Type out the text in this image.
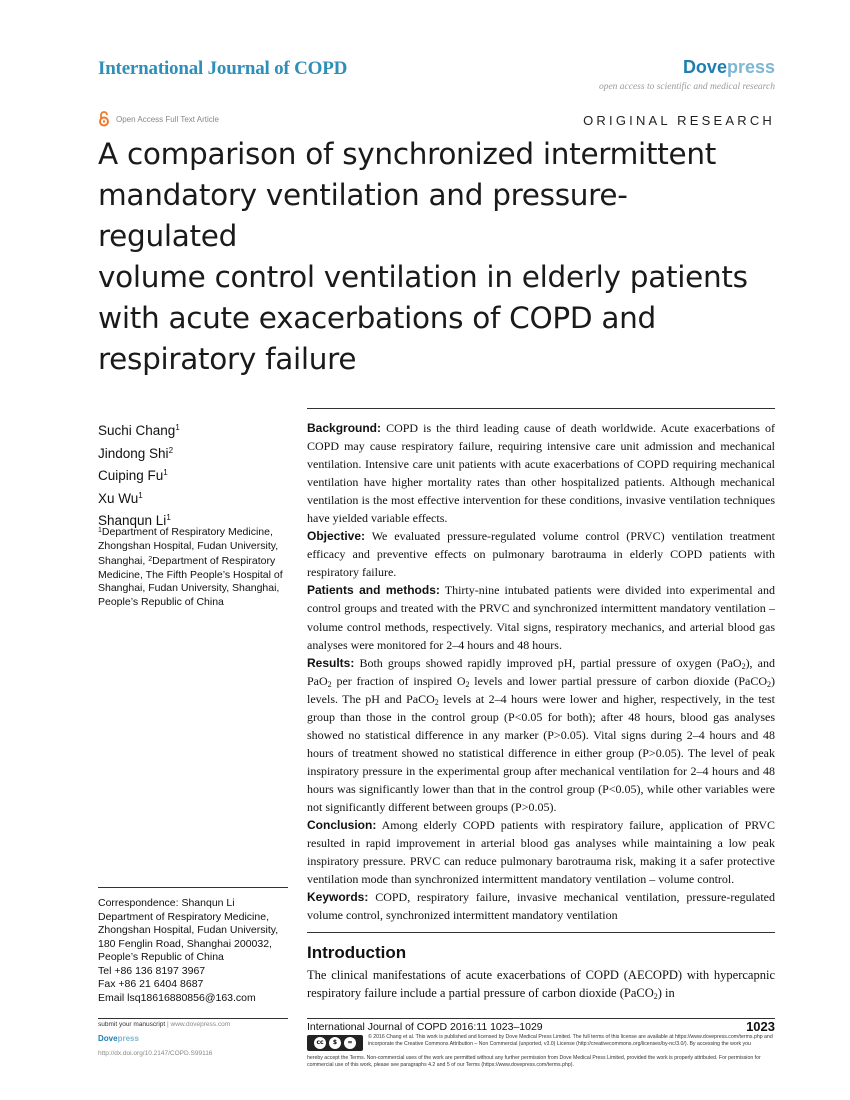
International Journal of COPD	Dovepress
open access to scientific and medical research
Open Access Full Text Article	ORIGINAL RESEARCH
A comparison of synchronized intermittent
mandatory ventilation and pressure-regulated
volume control ventilation in elderly patients
with acute exacerbations of COPD and
respiratory failure
Suchi Chang$^1$
Jindong Shi$^2$
Cuiping Fu$^1$
Xu Wu$^1$
Shanqun Li$^1$
$^1$Department of Respiratory Medicine, Zhongshan Hospital, Fudan University, Shanghai, $^2$Department of Respiratory Medicine, The Fifth People’s Hospital of Shanghai, Fudan University, Shanghai, People’s Republic of China
Correspondence: Shanqun Li
Department of Respiratory Medicine,
Zhongshan Hospital, Fudan University,
180 Fenglin Road, Shanghai 200032,
People’s Republic of China
Tel +86 136 8197 3967
Fax +86 21 6404 8687
Email lsq18616880856@163.com

Background: COPD is the third leading cause of death worldwide. Acute exacerbations of COPD may cause respiratory failure, requiring intensive care unit admission and mechanical ventilation. Intensive care unit patients with acute exacerbations of COPD requiring mechanical ventilation have higher mortality rates than other hospitalized patients. Although mechanical ventilation is the most effective intervention for these conditions, invasive ventilation techniques have yielded variable effects.

Objective: We evaluated pressure-regulated volume control (PRVC) ventilation treatment efficacy and preventive effects on pulmonary barotrauma in elderly COPD patients with respiratory failure.

Patients and methods: Thirty-nine intubated patients were divided into experimental and control groups and treated with the PRVC and synchronized intermittent mandatory ventilation – volume control methods, respectively. Vital signs, respiratory mechanics, and arterial blood gas analyses were monitored for 2–4 hours and 48 hours.

Results: Both groups showed rapidly improved pH, partial pressure of oxygen (PaO$_2$), and PaO$_2$ per fraction of inspired $O_2$ levels and lower partial pressure of carbon dioxide (PaCO$_2$) levels. The pH and PaCO$_2$ levels at 2–4 hours were lower and higher, respectively, in the test group than those in the control group (P<0.05 for both); after 48 hours, blood gas analyses showed no statistical difference in any marker (P>0.05). Vital signs during 2–4 hours and 48 hours of treatment showed no statistical difference in either group (P>0.05). The level of peak inspiratory pressure in the experimental group after mechanical ventilation for 2–4 hours and 48 hours was significantly lower than that in the control group (P<0.05), while other variables were not significantly different between groups (P>0.05).

Conclusion: Among elderly COPD patients with respiratory failure, application of PRVC resulted in rapid improvement in arterial blood gas analyses while maintaining a low peak inspiratory pressure. PRVC can reduce pulmonary barotrauma risk, making it a safer protective ventilation mode than synchronized intermittent mandatory ventilation – volume control.

Keywords: COPD, respiratory failure, invasive mechanical ventilation, pressure-regulated volume control, synchronized intermittent mandatory ventilation

Introduction
The clinical manifestations of acute exacerbations of COPD (AECOPD) with hypercapnic respiratory failure include a partial pressure of carbon dioxide (PaCO$_2$) in
submit your manuscript | www.dovepress.com
Dovepress
http://dx.doi.org/10.2147/COPD.S99116
International Journal of COPD 2016:11 1023–1029	1023
cc	$	=
© 2016 Chang et al. This work is published and licensed by Dove Medical Press Limited. The full terms of this license are available at https://www.dovepress.com/terms.php and incorporate the Creative Commons Attribution – Non Commercial (unported, v3.0) License (http://creativecommons.org/licenses/by-nc/3.0/). By accessing the work you
hereby accept the Terms. Non-commercial uses of the work are permitted without any further permission from Dove Medical Press Limited, provided the work is properly attributed. For permission for commercial use of this work, please see paragraphs 4.2 and 5 of our Terms (https://www.dovepress.com/terms.php).
